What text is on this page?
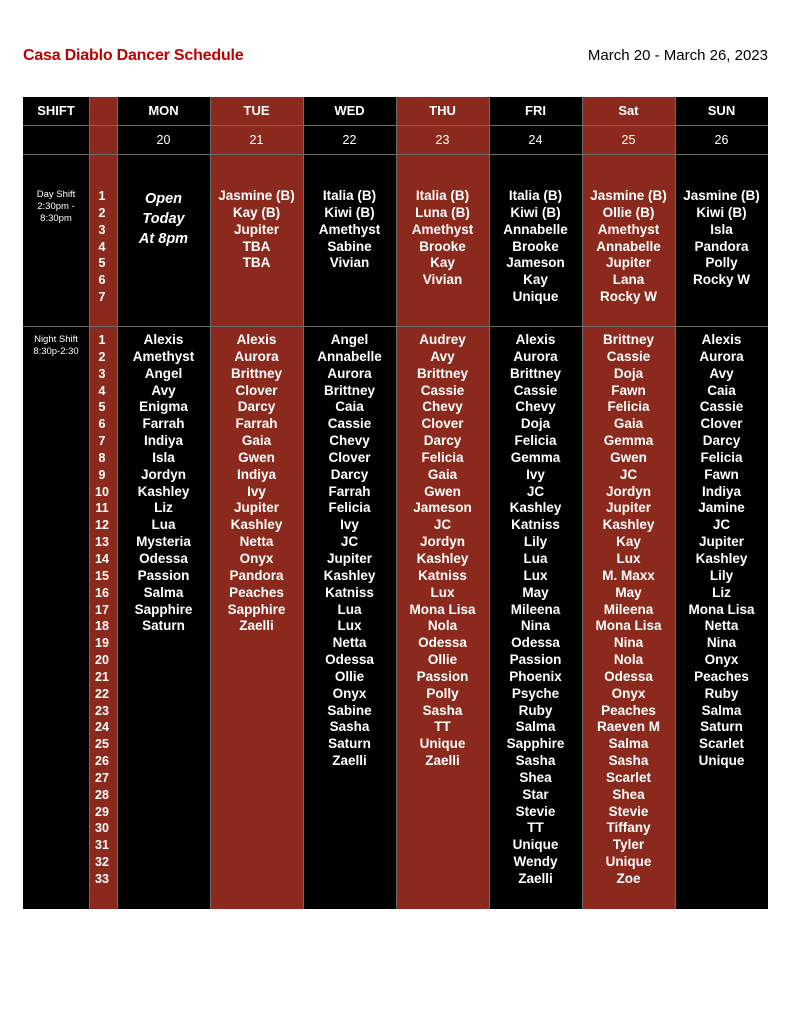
Casa Diablo Dancer Schedule	March 20 - March 26, 2023

SHIFT
Day Shift
2:30pm - 8:30pm
Night Shift
8:30p-2:30
1
2
3
4
5
6
7
1
2
3
4
5
6
7
8
9
10
11
12
13
14
15
16
17
18
19
20
21
22
23
24
25
26
27
28
29
30
31
32
33
MON
20
Open
Today
At 8pm
Alexis
Amethyst
Angel
Avy
Enigma
Farrah
Indiya
Isla
Jordyn
Kashley
Liz
Lua
Mysteria
Odessa
Passion
Salma
Sapphire
Saturn
TUE
21
Jasmine (B)
Kay (B)
Jupiter
TBA
TBA
Alexis
Aurora
Brittney
Clover
Darcy
Farrah
Gaia
Gwen
Indiya
Ivy
Jupiter
Kashley
Netta
Onyx
Pandora
Peaches
Sapphire
Zaelli
WED
22
Italia (B)
Kiwi (B)
Amethyst
Sabine
Vivian
Angel
Annabelle
Aurora
Brittney
Caia
Cassie
Chevy
Clover
Darcy
Farrah
Felicia
Ivy
JC
Jupiter
Kashley
Katniss
Lua
Lux
Netta
Odessa
Ollie
Onyx
Sabine
Sasha
Saturn
Zaelli
THU
23
Italia (B)
Luna (B)
Amethyst
Brooke
Kay
Vivian
Audrey
Avy
Brittney
Cassie
Chevy
Clover
Darcy
Felicia
Gaia
Gwen
Jameson
JC
Jordyn
Kashley
Katniss
Lux
Mona Lisa
Nola
Odessa
Ollie
Passion
Polly
Sasha
TT
Unique
Zaelli
FRI
24
Italia (B)
Kiwi (B)
Annabelle
Brooke
Jameson
Kay
Unique
Alexis
Aurora
Brittney
Cassie
Chevy
Doja
Felicia
Gemma
Ivy
JC
Kashley
Katniss
Lily
Lua
Lux
May
Mileena
Nina
Odessa
Passion
Phoenix
Psyche
Ruby
Salma
Sapphire
Sasha
Shea
Star
Stevie
TT
Unique
Wendy
Zaelli
Sat
25
Jasmine (B)
Ollie (B)
Amethyst
Annabelle
Jupiter
Lana
Rocky W
Brittney
Cassie
Doja
Fawn
Felicia
Gaia
Gemma
Gwen
JC
Jordyn
Jupiter
Kashley
Kay
Lux
M. Maxx
May
Mileena
Mona Lisa
Nina
Nola
Odessa
Onyx
Peaches
Raeven M
Salma
Sasha
Scarlet
Shea
Stevie
Tiffany
Tyler
Unique
Zoe
SUN
26
Jasmine (B)
Kiwi (B)
Isla
Pandora
Polly
Rocky W
Alexis
Aurora
Avy
Caia
Cassie
Clover
Darcy
Felicia
Fawn
Indiya
Jamine
JC
Jupiter
Kashley
Lily
Liz
Mona Lisa
Netta
Nina
Onyx
Peaches
Ruby
Salma
Saturn
Scarlet
Unique
